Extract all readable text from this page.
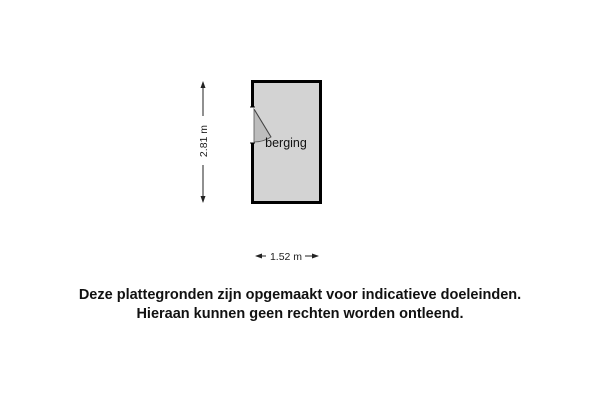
berging
2.81 m
1.52 m
Deze plattegronden zijn opgemaakt voor indicatieve doeleinden.
Hieraan kunnen geen rechten worden ontleend.
